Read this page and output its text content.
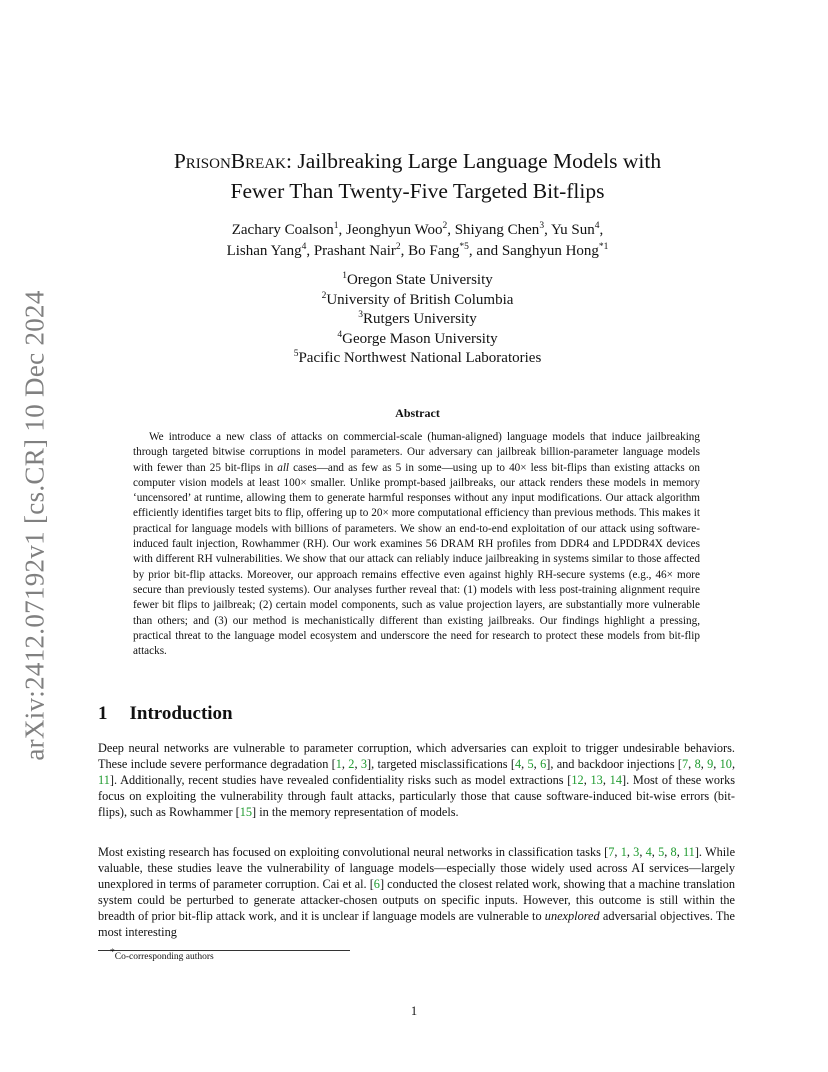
arXiv:2412.07192v1 [cs.CR] 10 Dec 2024
PrisonBreak: Jailbreaking Large Language Models with
Fewer Than Twenty-Five Targeted Bit-flips
Zachary Coalson$^1$, Jeonghyun Woo$^2$, Shiyang Chen$^3$, Yu Sun$^4$,
Lishan Yang$^4$, Prashant Nair$^2$, Bo Fang$^{*5}$, and Sanghyun Hong$^{*1}$
$^1$Oregon State University
$^2$University of British Columbia
$^3$Rutgers University
$^4$George Mason University
$^5$Pacific Northwest National Laboratories
Abstract

We introduce a new class of attacks on commercial-scale (human-aligned) language models that induce jailbreaking through targeted bitwise corruptions in model parameters. Our adversary can jailbreak billion-parameter language models with fewer than 25 bit-flips in all cases—and as few as 5 in some—using up to 40× less bit-flips than existing attacks on computer vision models at least 100× smaller. Unlike prompt-based jailbreaks, our attack renders these models in memory ‘uncensored’ at runtime, allowing them to generate harmful responses without any input modifications. Our attack algorithm efficiently identifies target bits to flip, offering up to 20× more computational efficiency than previous methods. This makes it practical for language models with billions of parameters. We show an end-to-end exploitation of our attack using software-induced fault injection, Rowhammer (RH). Our work examines 56 DRAM RH profiles from DDR4 and LPDDR4X devices with different RH vulnerabilities. We show that our attack can reliably induce jailbreaking in systems similar to those affected by prior bit-flip attacks. Moreover, our approach remains effective even against highly RH-secure systems (e.g., 46× more secure than previously tested systems). Our analyses further reveal that: (1) models with less post-training alignment require fewer bit flips to jailbreak; (2) certain model components, such as value projection layers, are substantially more vulnerable than others; and (3) our method is mechanistically different than existing jailbreaks. Our findings highlight a pressing, practical threat to the language model ecosystem and underscore the need for research to protect these models from bit-flip attacks.

1 Introduction

Deep neural networks are vulnerable to parameter corruption, which adversaries can exploit to trigger undesirable behaviors. These include severe performance degradation [1, 2, 3], targeted misclassifications [4, 5, 6], and backdoor injections [7, 8, 9, 10, 11]. Additionally, recent studies have revealed confidentiality risks such as model extractions [12, 13, 14]. Most of these works focus on exploiting the vulnerability through fault attacks, particularly those that cause software-induced bit-wise errors (bit-flips), such as Rowhammer [15] in the memory representation of models.

Most existing research has focused on exploiting convolutional neural networks in classification tasks [7, 1, 3, 4, 5, 8, 11]. While valuable, these studies leave the vulnerability of language models—especially those widely used across AI services—largely unexplored in terms of parameter corruption. Cai et al. [6] conducted the closest related work, showing that a machine translation system could be perturbed to generate attacker-chosen outputs on specific inputs. However, this outcome is still within the breadth of prior bit-flip attack work, and it is unclear if language models are vulnerable to unexplored adversarial objectives. The most interesting

*Co-corresponding authors
1
